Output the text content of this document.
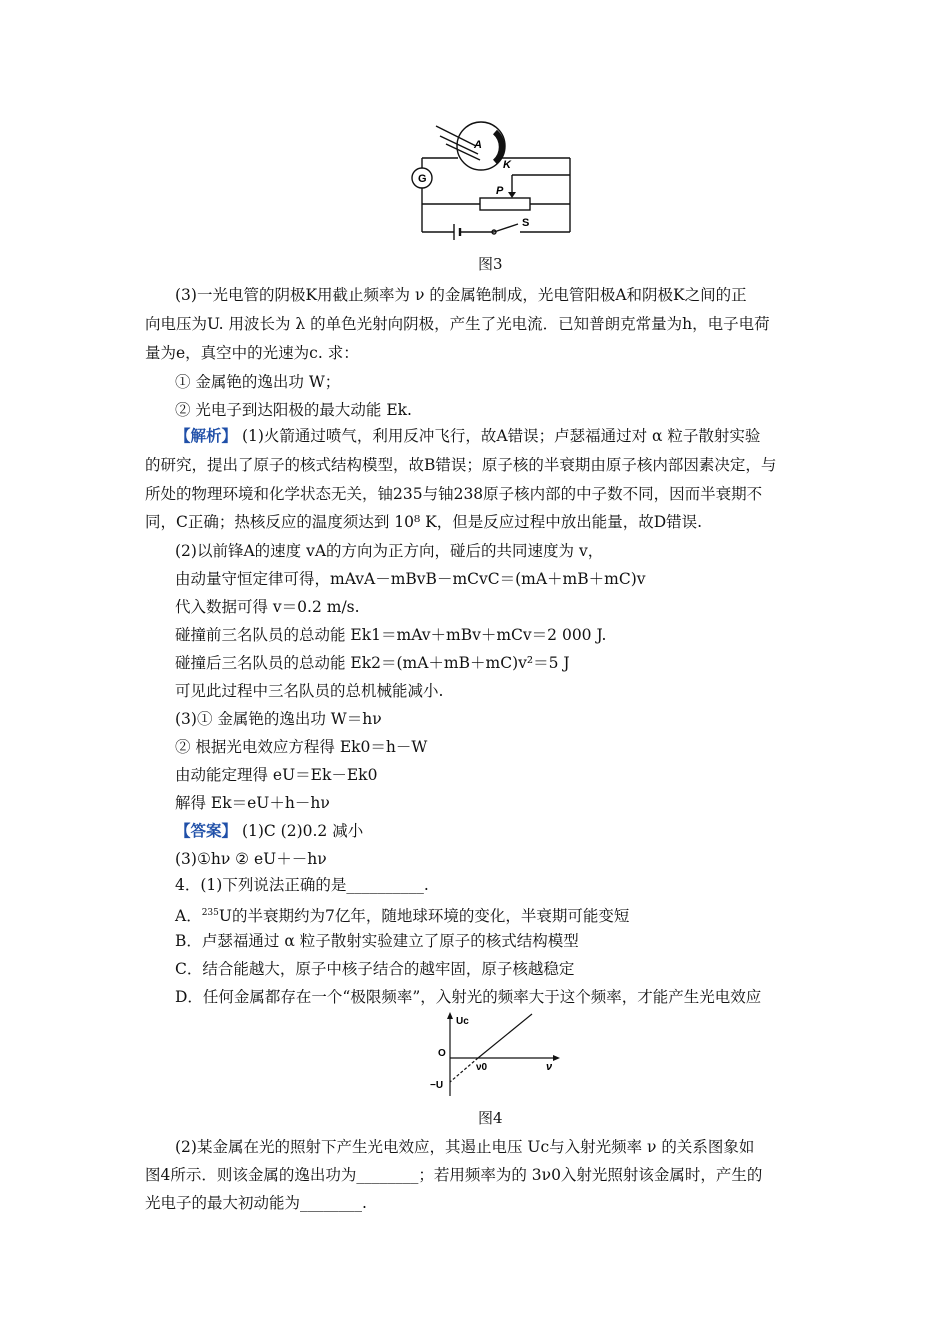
A
K
G
P
S
图3
(3)一光电管的阴极K用截止频率为 ν 的金属铯制成，光电管阳极A和阴极K之间的正
向电压为U. 用波长为 λ 的单色光射向阴极，产生了光电流．已知普朗克常量为h，电子电荷
量为e，真空中的光速为c. 求：
① 金属铯的逸出功 W；
② 光电子到达阳极的最大动能 Ek.
【解析】 (1)火箭通过喷气，利用反冲飞行，故A错误；卢瑟福通过对 α 粒子散射实验
的研究，提出了原子的核式结构模型，故B错误；原子核的半衰期由原子核内部因素决定，与
所处的物理环境和化学状态无关，铀235与铀238原子核内部的中子数不同，因而半衰期不
同，C正确；热核反应的温度须达到 10⁸ K，但是反应过程中放出能量，故D错误.
(2)以前锋A的速度 vA的方向为正方向，碰后的共同速度为 v，
由动量守恒定律可得，mAvA－mBvB－mCvC＝(mA＋mB＋mC)v
代入数据可得 v＝0.2 m/s.
碰撞前三名队员的总动能 Ek1＝mAv＋mBv＋mCv＝2 000 J.
碰撞后三名队员的总动能 Ek2＝(mA＋mB＋mC)v²＝5 J
可见此过程中三名队员的总机械能减小.
(3)① 金属铯的逸出功 W＝hν
② 根据光电效应方程得 Ek0＝h－W
由动能定理得 eU＝Ek－Ek0
解得 Ek＝eU＋h－hν
【答案】 (1)C (2)0.2 减小
(3)①hν ② eU＋－hν
4．(1)下列说法正确的是__________.
A．$^{235}$U的半衰期约为7亿年，随地球环境的变化，半衰期可能变短
B．卢瑟福通过 α 粒子散射实验建立了原子的核式结构模型
C．结合能越大，原子中核子结合的越牢固，原子核越稳定
D．任何金属都存在一个“极限频率”，入射光的频率大于这个频率，才能产生光电效应
Uc
O
−U
ν0	ν
图4
(2)某金属在光的照射下产生光电效应，其遏止电压 Uc与入射光频率 ν 的关系图象如
图4所示．则该金属的逸出功为________；若用频率为的 3ν0入射光照射该金属时，产生的
光电子的最大初动能为________.
